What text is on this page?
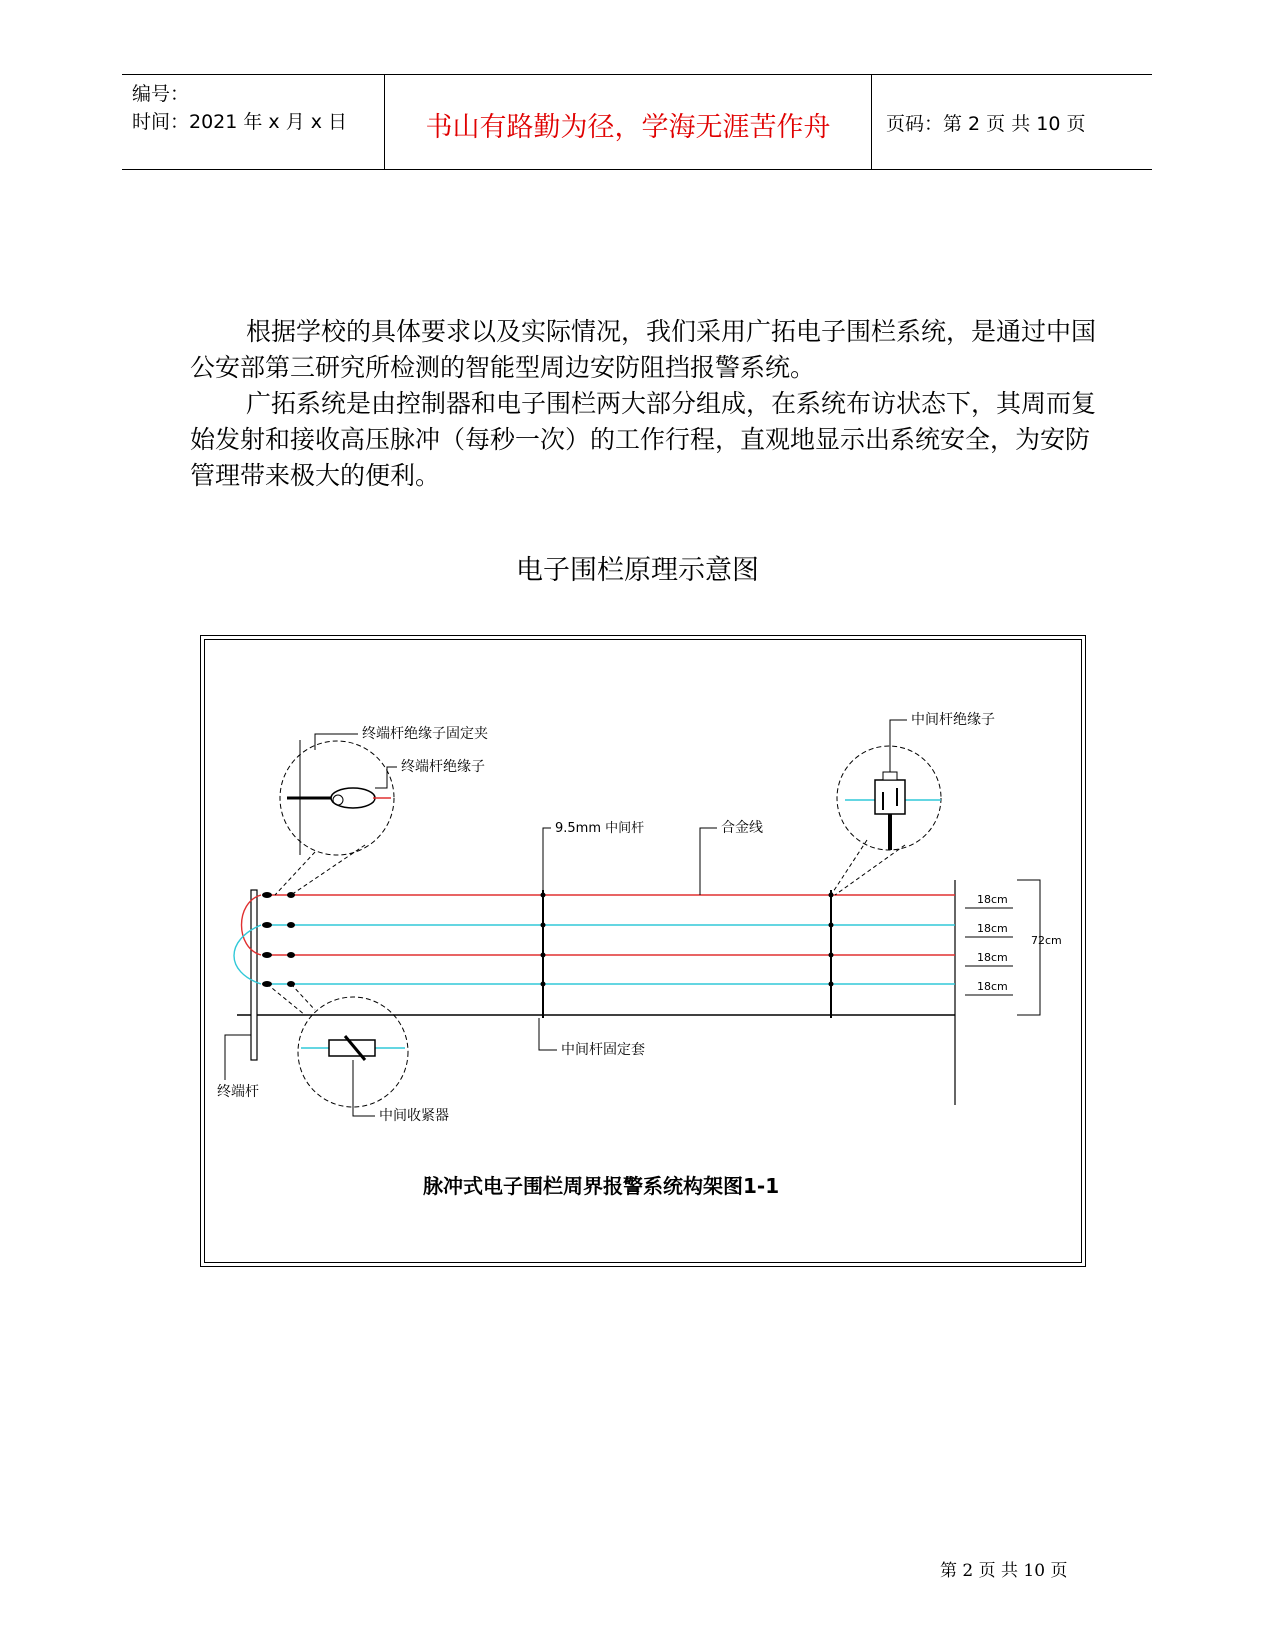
编号：
时间：2021 年 x 月 x 日	书山有路勤为径，学海无涯苦作舟	页码：第 2 页 共 10 页
根据学校的具体要求以及实际情况，我们采用广拓电子围栏系统，是通过中国公安部第三研究所检测的智能型周边安防阻挡报警系统。
广拓系统是由控制器和电子围栏两大部分组成，在系统布访状态下，其周而复始发射和接收高压脉冲（每秒一次）的工作行程，直观地显示出系统安全，为安防管理带来极大的便利。
电子围栏原理示意图
终端杆绝缘子固定夹
终端杆绝缘子
中间杆绝缘子
9.5mm 中间杆	合金线
中间杆固定套
终端杆
中间收紧器
18cm
18cm
18cm
18cm
72cm
脉冲式电子围栏周界报警系统构架图1-1
第 2 页 共 10 页
